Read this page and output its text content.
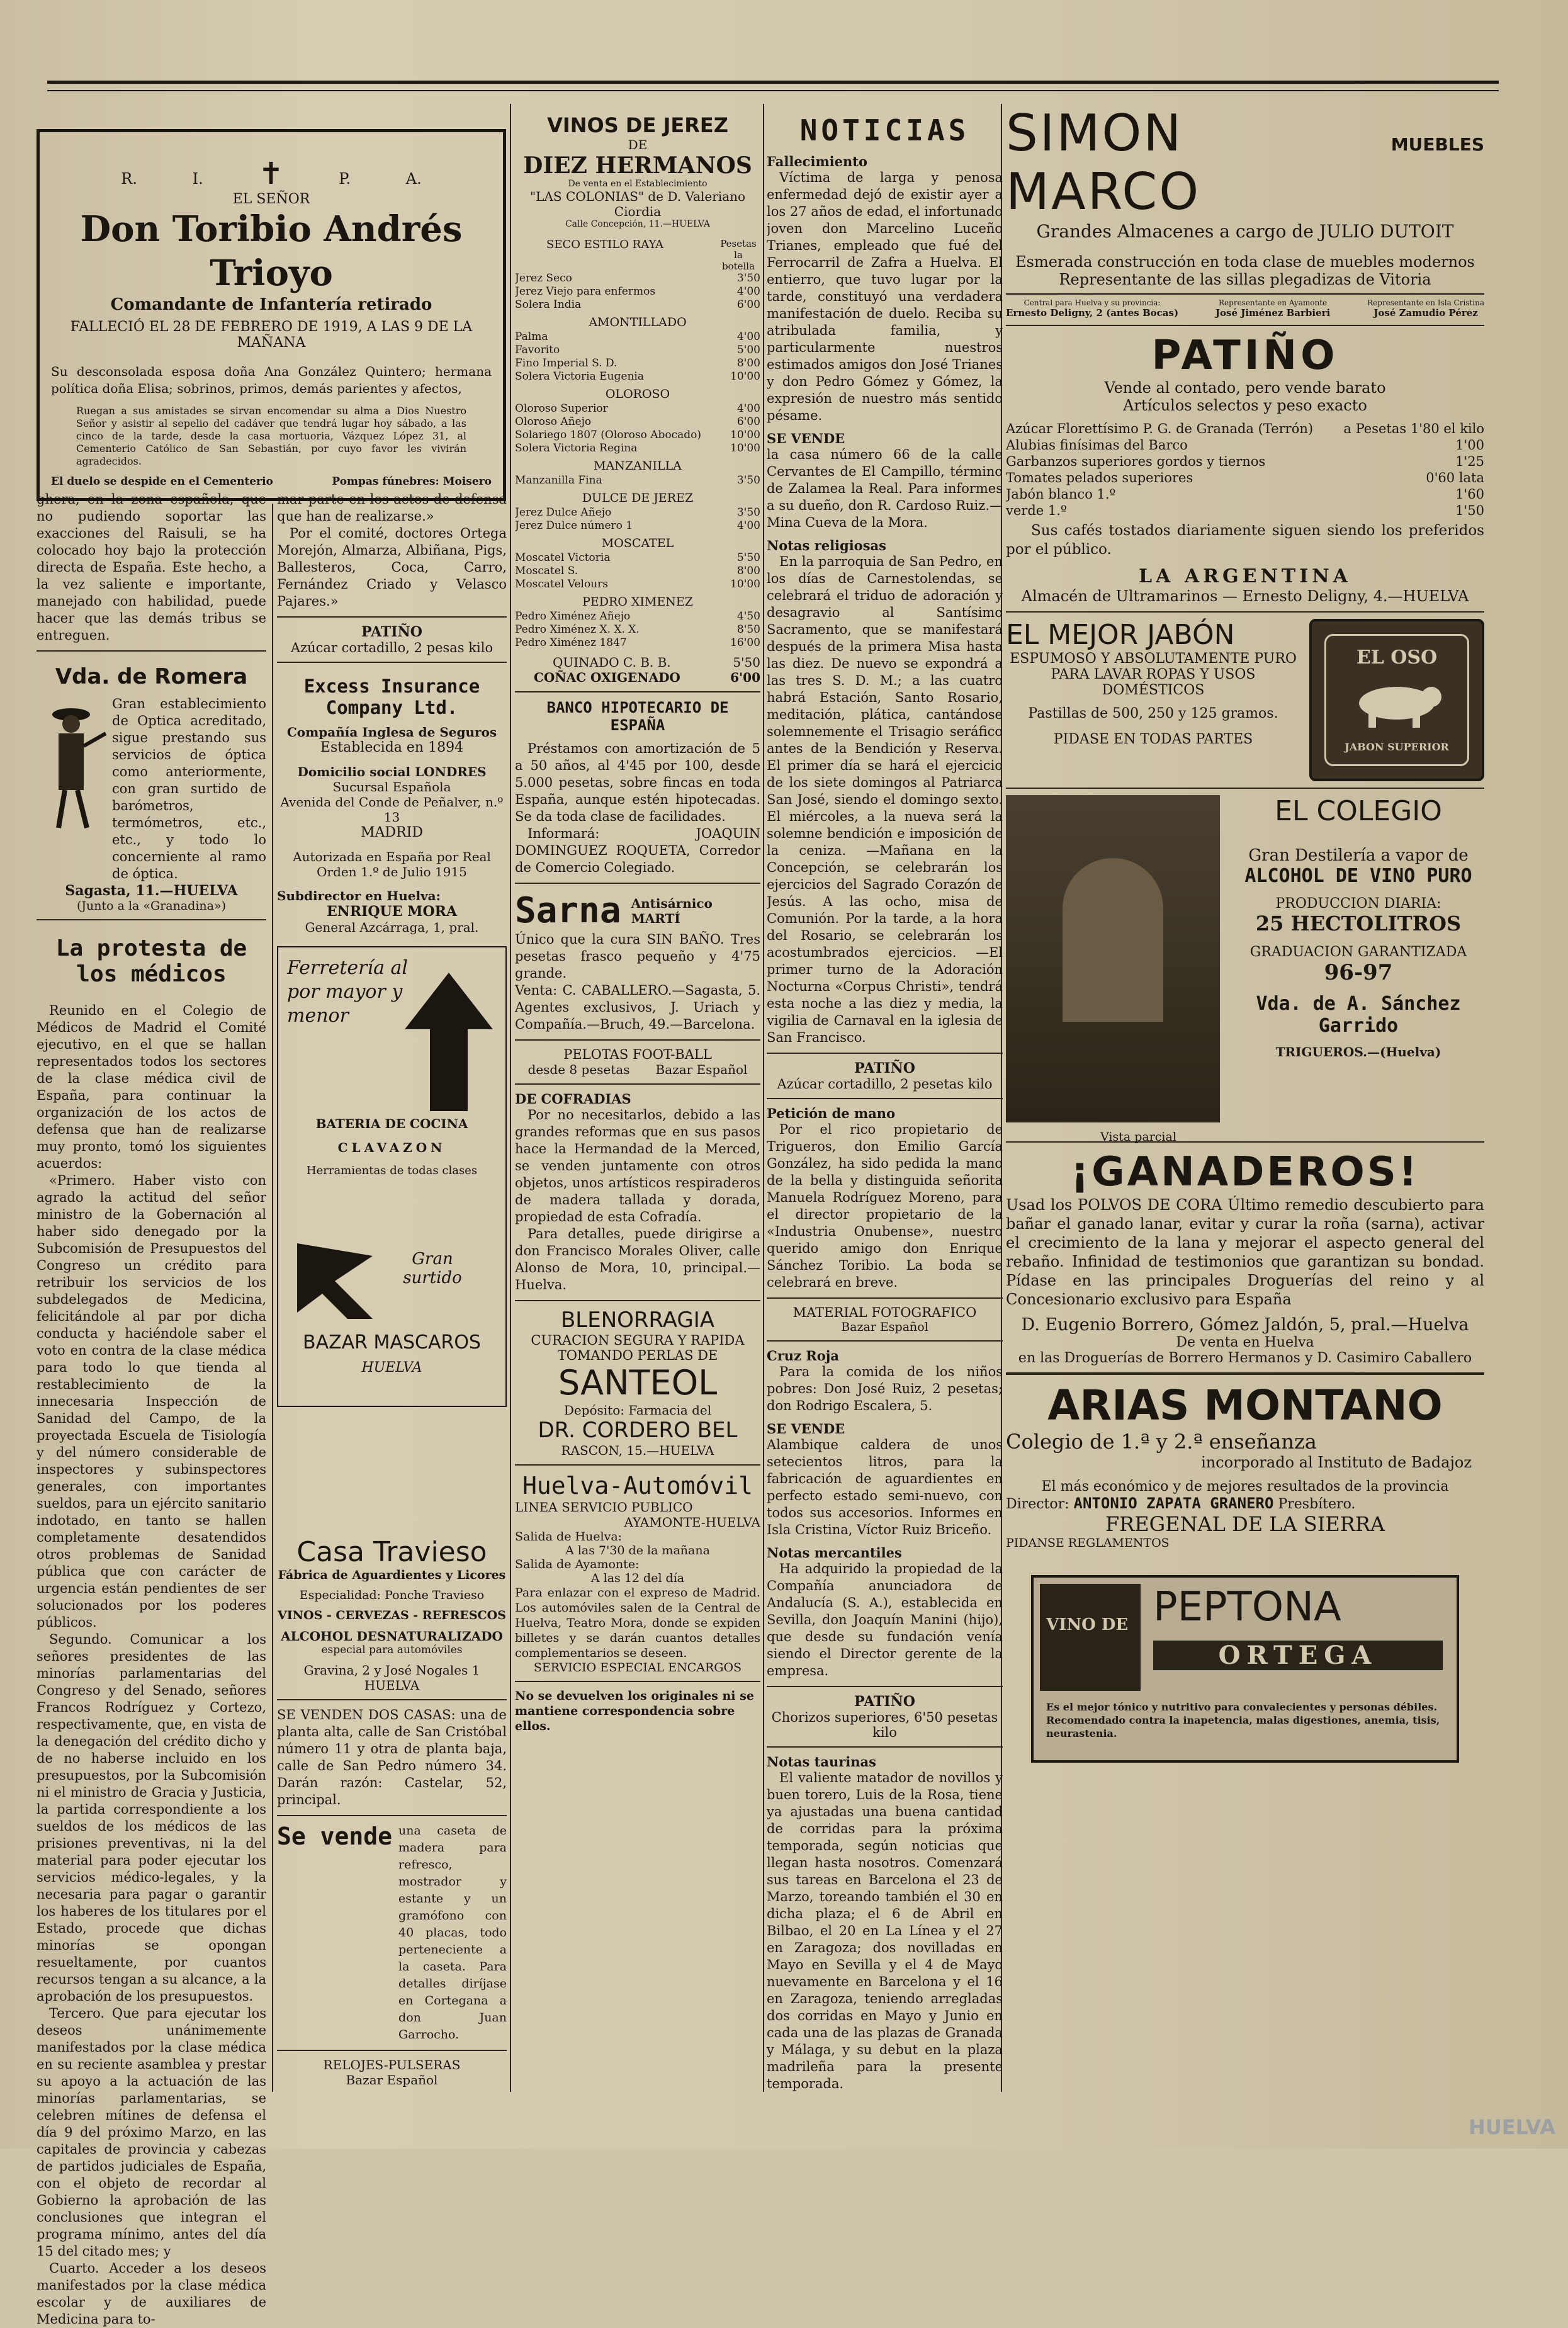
R. I. ✝	P. A.

EL SEÑOR

Don Toribio Andrés Trioyo

Comandante de Infantería retirado

FALLECIÓ EL 28 DE FEBRERO DE 1919, A LAS 9 DE LA MAÑANA

Su desconsolada esposa doña Ana González Quintero; hermana política doña Elisa; sobrinos, primos, demás parientes y afectos,

Ruegan a sus amistades se sirvan encomendar su alma a Dios Nuestro Señor y asistir al sepelio del cadáver que tendrá lugar hoy sábado, a las cinco de la tarde, desde la casa mortuoria, Vázquez López 31, al Cementerio Católico de San Sebastián, por cuyo favor les vivirán agradecidos.

El duelo se despide en el Cementerio	Pompas fúnebres: Moisero

ghera, en la zona española, que no pudiendo soportar las exacciones del Raisuli, se ha colocado hoy bajo la protección directa de España. Este hecho, a la vez saliente e importante, manejado con habilidad, puede hacer que las demás tribus se entreguen.

Vda. de Romera

Gran establecimiento de Optica acreditado, sigue prestando sus servicios de óptica como anteriormente, con gran surtido de barómetros, termómetros, etc., etc., y todo lo concerniente al ramo de óptica.

Sagasta, 11.—HUELVA

(Junto a la «Granadina»)

La protesta de los médicos

Reunido en el Colegio de Médicos de Madrid el Comité ejecutivo, en el que se hallan representados todos los sectores de la clase médica civil de España, para continuar la organización de los actos de defensa que han de realizarse muy pronto, tomó los siguientes acuerdos:

«Primero. Haber visto con agrado la actitud del señor ministro de la Gobernación al haber sido denegado por la Subcomisión de Presupuestos del Congreso un crédito para retribuir los servicios de los subdelegados de Medicina, felicitándole al par por dicha conducta y haciéndole saber el voto en contra de la clase médica para todo lo que tienda al restablecimiento de la innecesaria Inspección de Sanidad del Campo, de la proyectada Escuela de Tisiología y del número considerable de inspectores y subinspectores generales, con importantes sueldos, para un ejército sanitario indotado, en tanto se hallen completamente desatendidos otros problemas de Sanidad pública que con carácter de urgencia están pendientes de ser solucionados por los poderes públicos.

Segundo. Comunicar a los señores presidentes de las minorías parlamentarias del Congreso y del Senado, señores Francos Rodríguez y Cortezo, respectivamente, que, en vista de la denegación del crédito dicho y de no haberse incluido en los presupuestos, por la Subcomisión ni el ministro de Gracia y Justicia, la partida correspondiente a los sueldos de los médicos de las prisiones preventivas, ni la del material para poder ejecutar los servicios médico-legales, y la necesaria para pagar o garantir los haberes de los titulares por el Estado, procede que dichas minorías se opongan resueltamente, por cuantos recursos tengan a su alcance, a la aprobación de los presupuestos.

Tercero. Que para ejecutar los deseos unánimemente manifestados por la clase médica en su reciente asamblea y prestar su apoyo a la actuación de las minorías parlamentarias, se celebren mítines de defensa el día 9 del próximo Marzo, en las capitales de provincia y cabezas de partidos judiciales de España, con el objeto de recordar al Gobierno la aprobación de las conclusiones que integran el programa mínimo, antes del día 15 del citado mes; y

Cuarto. Acceder a los deseos manifestados por la clase médica escolar y de auxiliares de Medicina para to-

mar parte en los actos de defensa que han de realizarse.»

Por el comité, doctores Ortega Morejón, Almarza, Albiñana, Pigs, Ballesteros, Coca, Carro, Fernández Criado y Velasco Pajares.»

PATIÑO

Azúcar cortadillo, 2 pesas kilo

Excess Insurance Company Ltd.

Compañía Inglesa de Seguros

Establecida en 1894

Domicilio social LONDRES

Sucursal Española

Avenida del Conde de Peñalver, n.º 13

MADRID

Autorizada en España por Real Orden 1.º de Julio 1915

Subdirector en Huelva:

ENRIQUE MORA

General Azcárraga, 1, pral.

Ferretería al por mayor y menor

BATERIA DE COCINA

CLAVAZON

Herramientas de todas clases

Gran surtido

BAZAR MASCAROS

HUELVA

Casa Travieso

Fábrica de Aguardientes y Licores

Especialidad: Ponche Travieso

VINOS - CERVEZAS - REFRESCOS

ALCOHOL DESNATURALIZADO

especial para automóviles

Gravina, 2 y José Nogales 1

HUELVA

SE VENDEN DOS CASAS: una de planta alta, calle de San Cristóbal número 11 y otra de planta baja, calle de San Pedro número 34. Darán razón: Castelar, 52, principal.

Se vende una caseta de madera para refresco, mostrador y estante y un gramófono con 40 placas, todo perteneciente a la caseta. Para detalles diríjase en Cortegana a don Juan Garrocho.

RELOJES-PULSERAS

Bazar Español

VINOS DE JEREZ

DE

DIEZ HERMANOS

De venta en el Establecimiento

"LAS COLONIAS" de D. Valeriano Ciordia

Calle Concepción, 11.—HUELVA

SECO ESTILO RAYA	Pesetas la botella
Jerez Seco	3'50
Jerez Viejo para enfermos	4'00
Solera India	6'00

AMONTILLADO

Palma	4'00
Favorito	5'00
Fino Imperial S. D.	8'00
Solera Victoria Eugenia	10'00

OLOROSO

Oloroso Superior	4'00
Oloroso Añejo	6'00
Solariego 1807 (Oloroso Abocado)	10'00
Solera Victoria Regina	10'00

MANZANILLA

Manzanilla Fina	3'50

DULCE DE JEREZ

Jerez Dulce Añejo	3'50
Jerez Dulce número 1	4'00

MOSCATEL

Moscatel Victoria	5'50
Moscatel S.	8'00
Moscatel Velours	10'00

PEDRO XIMENEZ

Pedro Ximénez Añejo	4'50
Pedro Ximénez X. X. X.	8'50
Pedro Ximénez 1847	16'00
QUINADO C. B. B.	5'50
COÑAC OXIGENADO	6'00

BANCO HIPOTECARIO DE ESPAÑA

Préstamos con amortización de 5 a 50 años, al 4'45 por 100, desde 5.000 pesetas, sobre fincas en toda España, aunque estén hipotecadas. Se da toda clase de facilidades.

Informará: JOAQUIN DOMINGUEZ ROQUETA, Corredor de Comercio Colegiado.

Sarna Antisárnico

MARTÍ

Único que la cura SIN BAÑO. Tres pesetas frasco pequeño y 4'75 grande.

Venta: C. CABALLERO.—Sagasta, 5. Agentes exclusivos, J. Uriach y Compañía.—Bruch, 49.—Barcelona.

PELOTAS FOOT-BALL

desde 8 pesetas Bazar Español

DE COFRADIAS

Por no necesitarlos, debido a las grandes reformas que en sus pasos hace la Hermandad de la Merced, se venden juntamente con otros objetos, unos artísticos respiraderos de madera tallada y dorada, propiedad de esta Cofradía.

Para detalles, puede dirigirse a don Francisco Morales Oliver, calle Alonso de Mora, 10, principal.—Huelva.

BLENORRAGIA

CURACION SEGURA Y RAPIDA TOMANDO PERLAS DE

SANTEOL

Depósito: Farmacia del

DR. CORDERO BEL

RASCON, 15.—HUELVA

Huelva-Automóvil

LINEA SERVICIO PUBLICO

AYAMONTE-HUELVA

Salida de Huelva:

A las 7'30 de la mañana

Salida de Ayamonte:

A las 12 del día

Para enlazar con el expreso de Madrid. Los automóviles salen de la Central de Huelva, Teatro Mora, donde se expiden billetes y se darán cuantos detalles complementarios se deseen.

SERVICIO ESPECIAL ENCARGOS

No se devuelven los originales ni se mantiene correspondencia sobre ellos.

NOTICIAS

Fallecimiento

Víctima de larga y penosa enfermedad dejó de existir ayer a los 27 años de edad, el infortunado joven don Marcelino Luceño Trianes, empleado que fué del Ferrocarril de Zafra a Huelva. El entierro, que tuvo lugar por la tarde, constituyó una verdadera manifestación de duelo. Reciba su atribulada familia, y particularmente nuestros estimados amigos don José Trianes y don Pedro Gómez y Gómez, la expresión de nuestro más sentido pésame.

SE VENDE

la casa número 66 de la calle Cervantes de El Campillo, término de Zalamea la Real. Para informes a su dueño, don R. Cardoso Ruiz.—Mina Cueva de la Mora.

Notas religiosas

En la parroquia de San Pedro, en los días de Carnestolendas, se celebrará el triduo de adoración y desagravio al Santísimo Sacramento, que se manifestará después de la primera Misa hasta las diez. De nuevo se expondrá a las tres S. D. M.; a las cuatro habrá Estación, Santo Rosario, meditación, plática, cantándose solemnemente el Trisagio seráfico antes de la Bendición y Reserva. El primer día se hará el ejercicio de los siete domingos al Patriarca San José, siendo el domingo sexto. El miércoles, a la nueva será la solemne bendición e imposición de la ceniza. —Mañana en la Concepción, se celebrarán los ejercicios del Sagrado Corazón de Jesús. A las ocho, misa de Comunión. Por la tarde, a la hora del Rosario, se celebrarán los acostumbrados ejercicios. —El primer turno de la Adoración Nocturna «Corpus Christi», tendrá esta noche a las diez y media, la vigilia de Carnaval en la iglesia de San Francisco.

PATIÑO

Azúcar cortadillo, 2 pesetas kilo

Petición de mano

Por el rico propietario de Trigueros, don Emilio García González, ha sido pedida la mano de la bella y distinguida señorita Manuela Rodríguez Moreno, para el director propietario de la «Industria Onubense», nuestro querido amigo don Enrique Sánchez Toribio. La boda se celebrará en breve.

MATERIAL FOTOGRAFICO

Bazar Español

Cruz Roja

Para la comida de los niños pobres: Don José Ruiz, 2 pesetas; don Rodrigo Escalera, 5.

SE VENDE

Alambique caldera de unos setecientos litros, para la fabricación de aguardientes en perfecto estado semi-nuevo, con todos sus accesorios. Informes en Isla Cristina, Víctor Ruiz Briceño.

Notas mercantiles

Ha adquirido la propiedad de la Compañía anunciadora de Andalucía (S. A.), establecida en Sevilla, don Joaquín Manini (hijo), que desde su fundación venía siendo el Director gerente de la empresa.

PATIÑO

Chorizos superiores, 6'50 pesetas kilo

Notas taurinas

El valiente matador de novillos y buen torero, Luis de la Rosa, tiene ya ajustadas una buena cantidad de corridas para la próxima temporada, según noticias que llegan hasta nosotros. Comenzará sus tareas en Barcelona el 23 de Marzo, toreando también el 30 en dicha plaza; el 6 de Abril en Bilbao, el 20 en La Línea y el 27 en Zaragoza; dos novilladas en Mayo en Sevilla y el 4 de Mayo nuevamente en Barcelona y el 16 en Zaragoza, teniendo arregladas dos corridas en Mayo y Junio en cada una de las plazas de Granada y Málaga, y su debut en la plaza madrileña para la presente temporada.

SIMON MARCO

MUEBLES

Grandes Almacenes a cargo de JULIO DUTOIT

Esmerada construcción en toda clase de muebles modernos

Representante de las sillas plegadizas de Vitoria

Central para Huelva y su provincia:

Ernesto Deligny, 2 (antes Bocas)

Representante en Ayamonte

José Jiménez Barbieri

Representante en Isla Cristina

José Zamudio Pérez

PATIÑO

Vende al contado, pero vende barato

Artículos selectos y peso exacto

Azúcar Florettísimo P. G. de Granada (Terrón) a Pesetas 1'80 el kilo
Alubias finísimas del Barco	1'00
Garbanzos superiores gordos y tiernos	1'25
Tomates pelados superiores	0'60 lata
Jabón blanco 1.º	1'60
verde 1.º	1'50

Sus cafés tostados diariamente siguen siendo los preferidos por el público.

LA ARGENTINA

Almacén de Ultramarinos — Ernesto Deligny, 4.—HUELVA

EL MEJOR JABÓN

ESPUMOSO Y ABSOLUTAMENTE PURO PARA LAVAR ROPAS Y USOS DOMÉSTICOS

Pastillas de 500, 250 y 125 gramos.

PIDASE EN TODAS PARTES

EL OSO

JABON SUPERIOR

Vista parcial

EL COLEGIO

Gran Destilería a vapor de

ALCOHOL DE VINO PURO

PRODUCCION DIARIA:

25 HECTOLITROS

GRADUACION GARANTIZADA

96-97

Vda. de A. Sánchez Garrido

TRIGUEROS.—(Huelva)

¡GANADEROS!

Usad los POLVOS DE CORA Último remedio descubierto para bañar el ganado lanar, evitar y curar la roña (sarna), activar el crecimiento de la lana y mejorar el aspecto general del rebaño. Infinidad de testimonios que garantizan su bondad. Pídase en las principales Droguerías del reino y al Concesionario exclusivo para España

D. Eugenio Borrero, Gómez Jaldón, 5, pral.—Huelva

De venta en Huelva

en las Droguerías de Borrero Hermanos y D. Casimiro Caballero

ARIAS MONTANO

Colegio de 1.ª y 2.ª enseñanza

incorporado al Instituto de Badajoz

El más económico y de mejores resultados de la provincia

Director: ANTONIO ZAPATA GRANERO Presbítero.

FREGENAL DE LA SIERRA

PIDANSE REGLAMENTOS

VINO DE PEPTONA

ORTEGA

Es el mejor tónico y nutritivo para convalecientes y personas débiles. Recomendado contra la inapetencia, malas digestiones, anemia, tisis, neurastenia.

HUELVA
